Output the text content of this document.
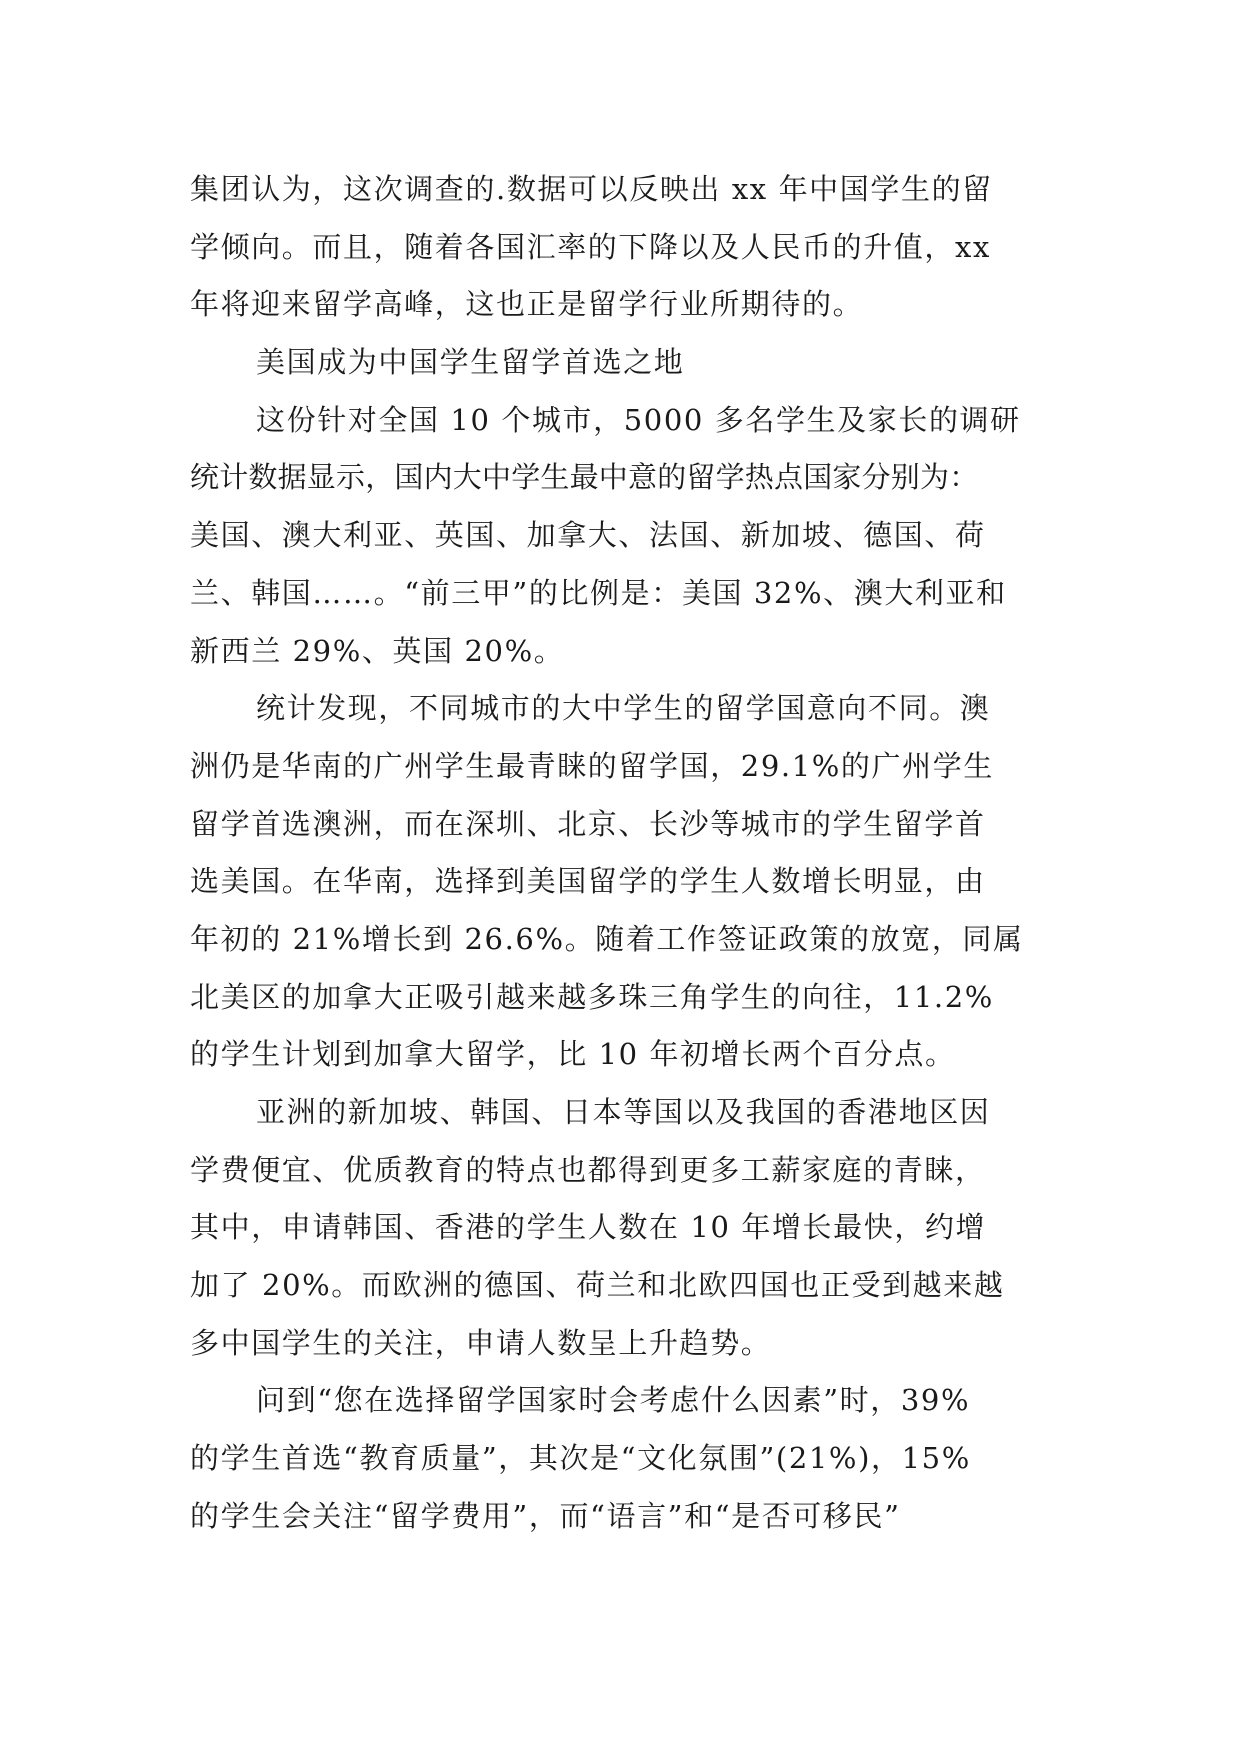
集团认为，这次调查的.数据可以反映出 xx 年中国学生的留
学倾向。而且，随着各国汇率的下降以及人民币的升值，xx
年将迎来留学高峰，这也正是留学行业所期待的。
美国成为中国学生留学首选之地
这份针对全国 10 个城市，5000 多名学生及家长的调研
统计数据显示，国内大中学生最中意的留学热点国家分别为：
美国、澳大利亚、英国、加拿大、法国、新加坡、德国、荷
兰、韩国……。“前三甲”的比例是：美国 32%、澳大利亚和
新西兰 29%、英国 20%。
统计发现，不同城市的大中学生的留学国意向不同。澳
洲仍是华南的广州学生最青睐的留学国，29.1%的广州学生
留学首选澳洲，而在深圳、北京、长沙等城市的学生留学首
选美国。在华南，选择到美国留学的学生人数增长明显，由
年初的 21%增长到 26.6%。随着工作签证政策的放宽，同属
北美区的加拿大正吸引越来越多珠三角学生的向往，11.2%
的学生计划到加拿大留学，比 10 年初增长两个百分点。
亚洲的新加坡、韩国、日本等国以及我国的香港地区因
学费便宜、优质教育的特点也都得到更多工薪家庭的青睐，
其中，申请韩国、香港的学生人数在 10 年增长最快，约增
加了 20%。而欧洲的德国、荷兰和北欧四国也正受到越来越
多中国学生的关注，申请人数呈上升趋势。
问到“您在选择留学国家时会考虑什么因素”时，39%
的学生首选“教育质量”，其次是“文化氛围”(21%)，15%
的学生会关注“留学费用”，而“语言”和“是否可移民”
